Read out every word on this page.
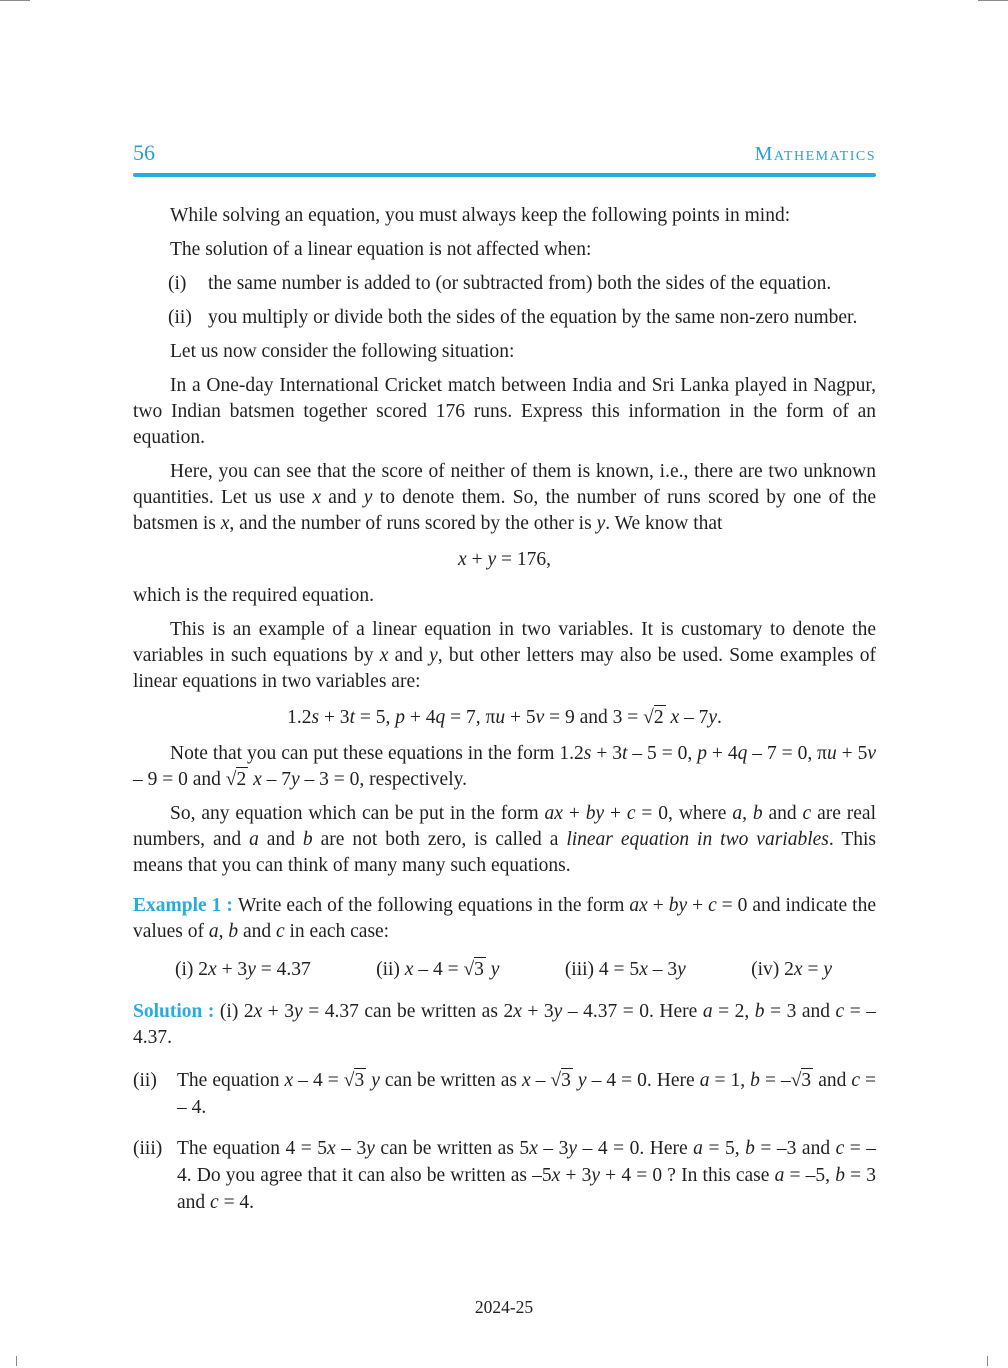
56	Mathematics

While solving an equation, you must always keep the following points in mind:

The solution of a linear equation is not affected when:

(i) the same number is added to (or subtracted from) both the sides of the equation.
(ii) you multiply or divide both the sides of the equation by the same non-zero number.

Let us now consider the following situation:

In a One-day International Cricket match between India and Sri Lanka played in Nagpur, two Indian batsmen together scored 176 runs. Express this information in the form of an equation.

Here, you can see that the score of neither of them is known, i.e., there are two unknown quantities. Let us use x and y to denote them. So, the number of runs scored by one of the batsmen is x, and the number of runs scored by the other is y. We know that

x + y = 176,

which is the required equation.

This is an example of a linear equation in two variables. It is customary to denote the variables in such equations by x and y, but other letters may also be used. Some examples of linear equations in two variables are:

1.2s + 3t = 5, p + 4q = 7, πu + 5v = 9 and 3 = √2 x – 7y.

Note that you can put these equations in the form 1.2s + 3t – 5 = 0, p + 4q – 7 = 0, πu + 5v – 9 = 0 and √2 x – 7y – 3 = 0, respectively.

So, any equation which can be put in the form ax + by + c = 0, where a, b and c are real numbers, and a and b are not both zero, is called a linear equation in two variables. This means that you can think of many many such equations.

Example 1 : Write each of the following equations in the form ax + by + c = 0 and indicate the values of a, b and c in each case:

(i) 2x + 3y = 4.37	(ii) x – 4 = √3 y	(iii) 4 = 5x – 3y	(iv) 2x = y

Solution : (i) 2x + 3y = 4.37 can be written as 2x + 3y – 4.37 = 0. Here a = 2, b = 3 and c = – 4.37.

(ii) The equation x – 4 = √3 y can be written as x – √3 y – 4 = 0. Here a = 1, b = –√3 and c = – 4.
(iii) The equation 4 = 5x – 3y can be written as 5x – 3y – 4 = 0. Here a = 5, b = –3 and c = – 4. Do you agree that it can also be written as –5x + 3y + 4 = 0 ? In this case a = –5, b = 3 and c = 4.
2024-25
